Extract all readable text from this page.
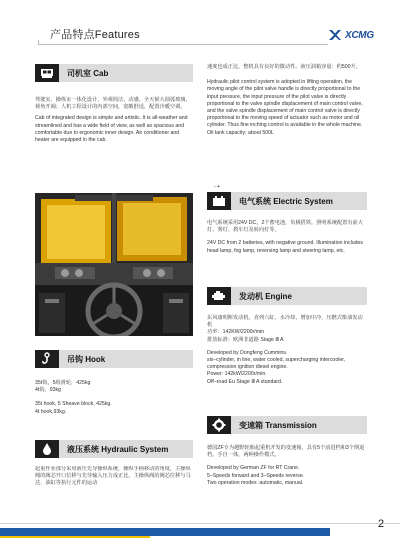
产品特点Features	XCMG
司机室 Cab

驾驶室、操纵室一体化设计，外观简洁、动感。全天候大圆弧玻璃，视角开阔；人机工程设计的内部空间，宽敞舒适，配置冷暖空调。

Cab of integrated design is simple and artistic. It is all-weather and streamlined and has a wide field of view, as well as spacious and comfortable due to ergonomic inner design. Air conditioner and heater are equipped in the cab.

吊钩 Hook

35t钩，5组滑轮，425kg

4t钩，93kg

35t hook, 5 Sheave block, 425kg.

4t hook,93kg.

液压系统 Hydraulic System

起重作业部分采用液压先导操纵系统，操纵手柄移动的角度，主操纵阀的阀芯开口位移与先导输入压力成正比，主操纵阀的阀芯位移与马达、油缸等执行元件的运动

速度也成正比，整机具有良好的微动性。液压油箱容量：约500升。

Hydraulic pilot control system is adopted in lifting operation, the moving angle of the pilot valve handle is directly proportional to the input pressure, the input pressure of the pilot valve is directly proportional to the valve spindle displacement of main control valve, and the valve spindle displacement of main control valve is directly proportional to the moving speed of actuator such as motor and oil cylinder. Thus fine inching control is available in the whole machine.

Oil tank capacity: about 500L

电气系统 Electric System
- +

电气系统采用24V DC，2个蓄电池，负极搭铁。照明系统配置有前大灯、雾灯、刹车灯及转向灯等。

24V DC from 2 batteries, with negative ground. Illumination includes head lamp, fog lamp, reversing lamp and steering lamp, etc.

发动机 Engine

东风康明斯发动机，直列六缸、水冷却、增加中冷，压燃式柴油发动机

功率：142KW/2200r/min

排放标准：欧洲非道路 Stage Ⅲ A

Developed by Dongfeng Cummins.

six–cylinder, in line, water cooled, supercharging intercooler, compression ignition diesel engine.

Power: 142kW/2200r/min.

Off–road Eu Stage Ⅲ A standard.

变速箱 Transmission

德国ZF专为越野轮胎起重机开发的变速箱，具有5个前进档和3个倒退档。手自一体，两种操作模式。

Developed by German ZF for RT Crane.

5–Speeds forward and 3–Speeds reverse.

Two operation modes :automatic, manual.

2
